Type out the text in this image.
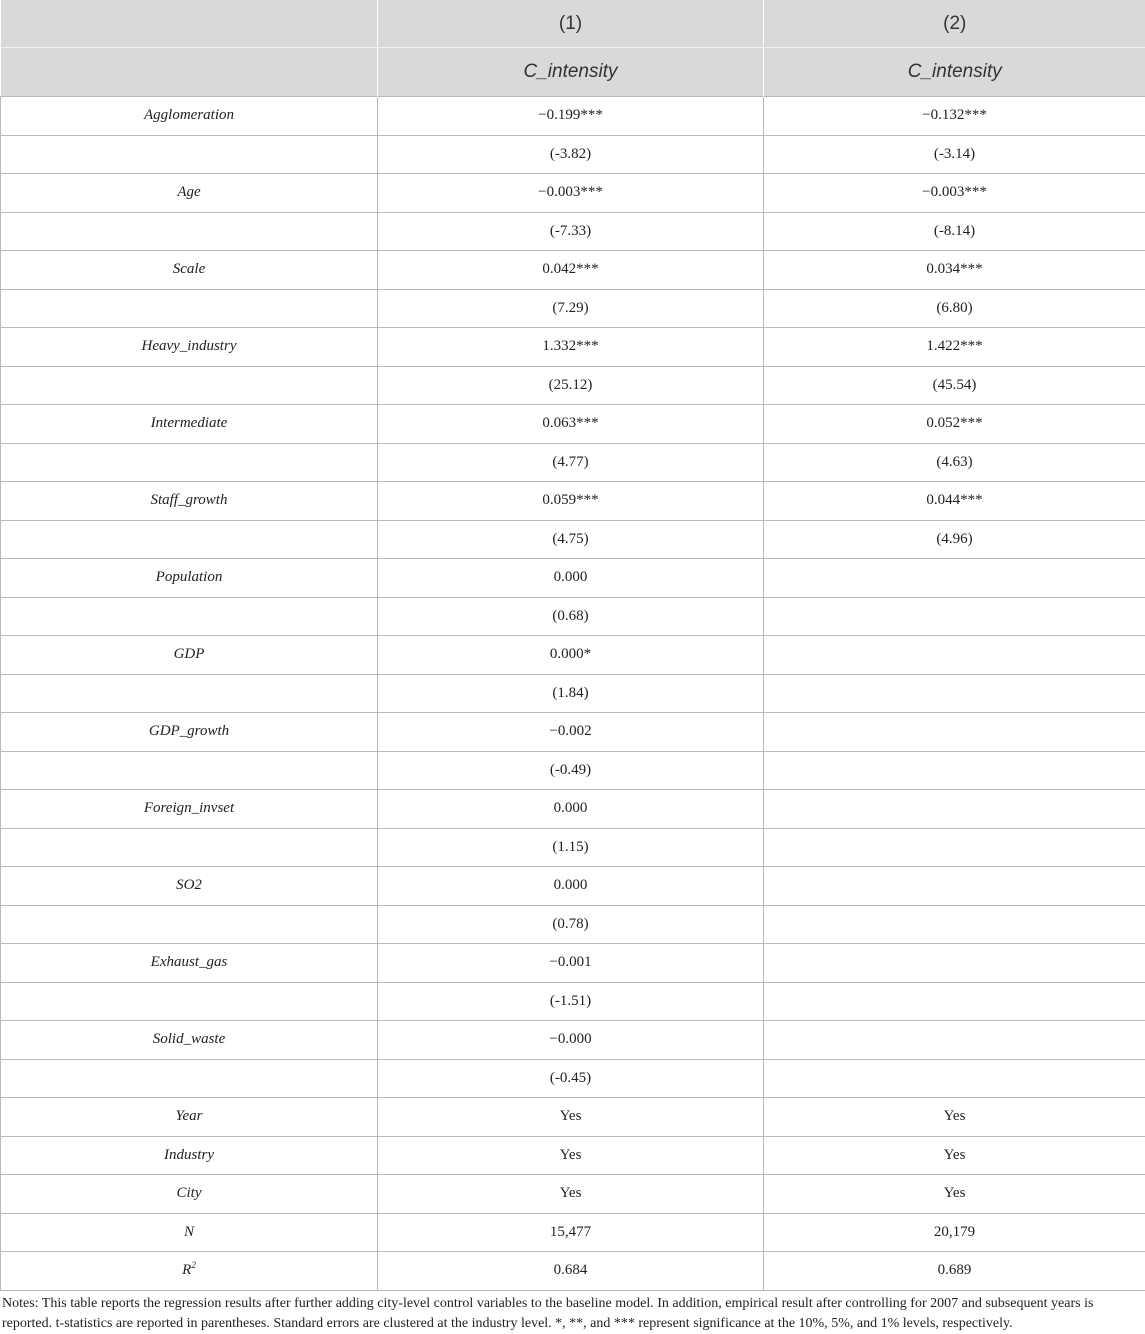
	(1)	(2)
	C_intensity	C_intensity
Agglomeration	−0.199***	−0.132***
	(-3.82)	(-3.14)
Age	−0.003***	−0.003***
	(-7.33)	(-8.14)
Scale	0.042***	0.034***
	(7.29)	(6.80)
Heavy_industry	1.332***	1.422***
	(25.12)	(45.54)
Intermediate	0.063***	0.052***
	(4.77)	(4.63)
Staff_growth	0.059***	0.044***
	(4.75)	(4.96)
Population	0.000	
	(0.68)	
GDP	0.000*	
	(1.84)	
GDP_growth	−0.002	
	(-0.49)	
Foreign_invset	0.000	
	(1.15)	
SO2	0.000	
	(0.78)	
Exhaust_gas	−0.001	
	(-1.51)	
Solid_waste	−0.000	
	(-0.45)	
Year	Yes	Yes
Industry	Yes	Yes
City	Yes	Yes
N	15,477	20,179
$R^2$	0.684	0.689
Notes: This table reports the regression results after further adding city-level control variables to the baseline model. In addition, empirical result after controlling for 2007 and subsequent years is reported. t-statistics are reported in parentheses. Standard errors are clustered at the industry level. *, **, and *** represent significance at the 10%, 5%, and 1% levels, respectively.
